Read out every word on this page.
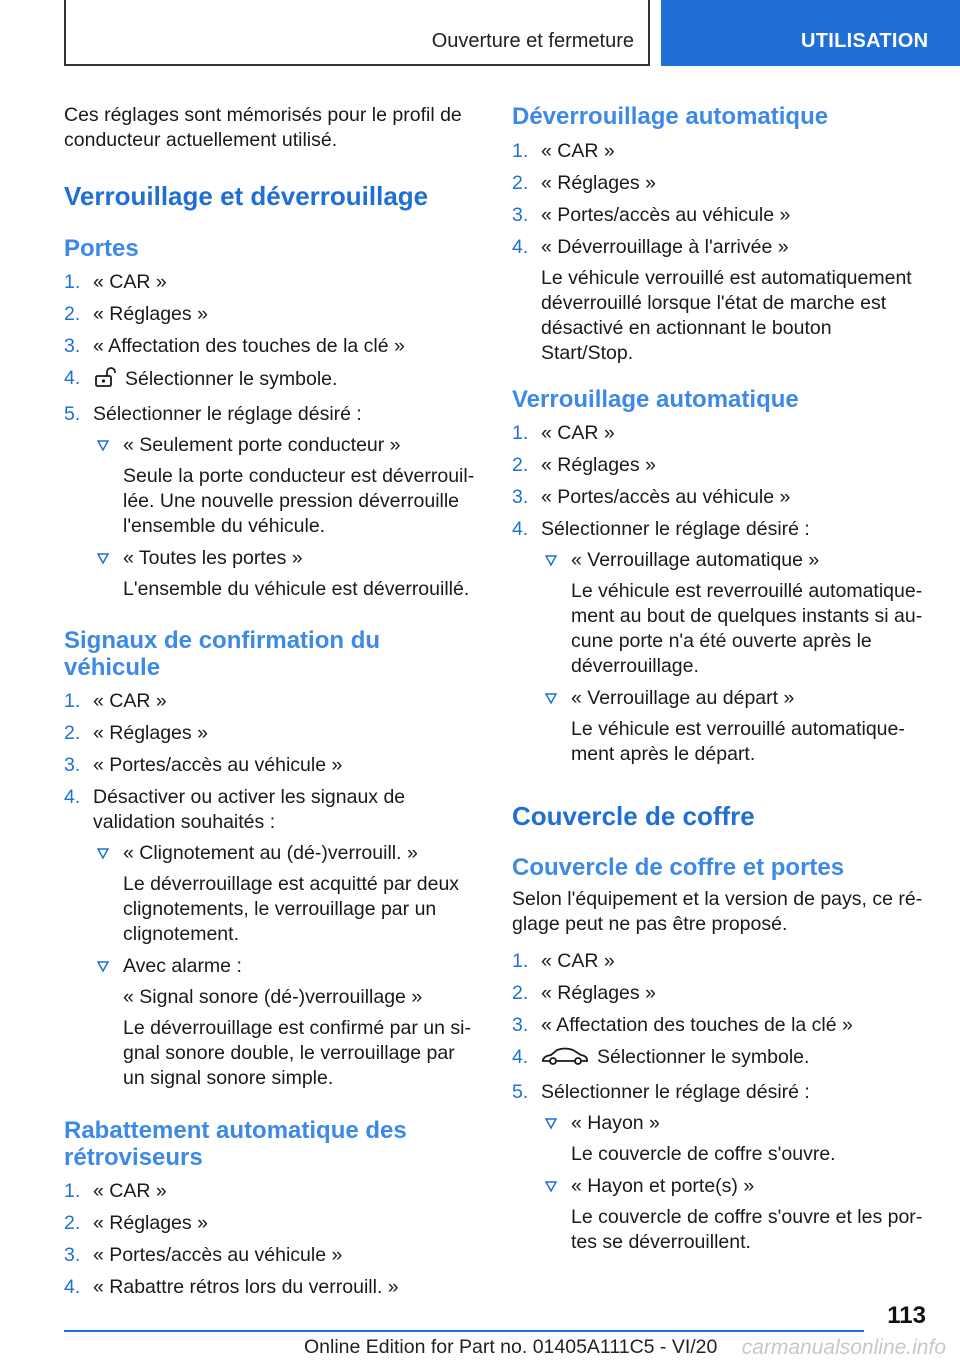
Ouverture et fermeture	UTILISATION

Ces réglages sont mémorisés pour le profil de conducteur actuellement utilisé.

Verrouillage et déverrouillage
Portes
1. « CAR »
2. « Réglages »
3. « Affectation des touches de la clé »
4.	Sélectionner le symbole.
5. Sélectionner le réglage désiré :
« Seulement porte conducteur »
Seule la porte conducteur est déverrouillée. Une nouvelle pression déverrouille l'ensemble du véhicule.
« Toutes les portes »
L'ensemble du véhicule est déverrouillé.
Signaux de confirmation du véhicule
1. « CAR »
2. « Réglages »
3. « Portes/accès au véhicule »
4. Désactiver ou activer les signaux de validation souhaités :
« Clignotement au (dé-)verrouill. »
Le déverrouillage est acquitté par deux clignotements, le verrouillage par un clignotement.
Avec alarme :
« Signal sonore (dé-)verrouillage »
Le déverrouillage est confirmé par un signal sonore double, le verrouillage par un signal sonore simple.
Rabattement automatique des rétroviseurs
1. « CAR »
2. « Réglages »
3. « Portes/accès au véhicule »
4. « Rabattre rétros lors du verrouill. »
Déverrouillage automatique
1. « CAR »
2. « Réglages »
3. « Portes/accès au véhicule »
4. « Déverrouillage à l'arrivée »
Le véhicule verrouillé est automatiquement déverrouillé lorsque l'état de marche est désactivé en actionnant le bouton Start/Stop.
Verrouillage automatique
1. « CAR »
2. « Réglages »
3. « Portes/accès au véhicule »
4. Sélectionner le réglage désiré :
« Verrouillage automatique »
Le véhicule est reverrouillé automatiquement au bout de quelques instants si aucune porte n'a été ouverte après le déverrouillage.
« Verrouillage au départ »
Le véhicule est verrouillé automatiquement après le départ.
Couvercle de coffre
Couvercle de coffre et portes

Selon l'équipement et la version de pays, ce réglage peut ne pas être proposé.

1. « CAR »
2. « Réglages »
3. « Affectation des touches de la clé »
4.	Sélectionner le symbole.
5. Sélectionner le réglage désiré :
« Hayon »
Le couvercle de coffre s'ouvre.
« Hayon et porte(s) »
Le couvercle de coffre s'ouvre et les portes se déverrouillent.
113
Online Edition for Part no. 01405A111C5 - VI/20 carmanualsonline.info
